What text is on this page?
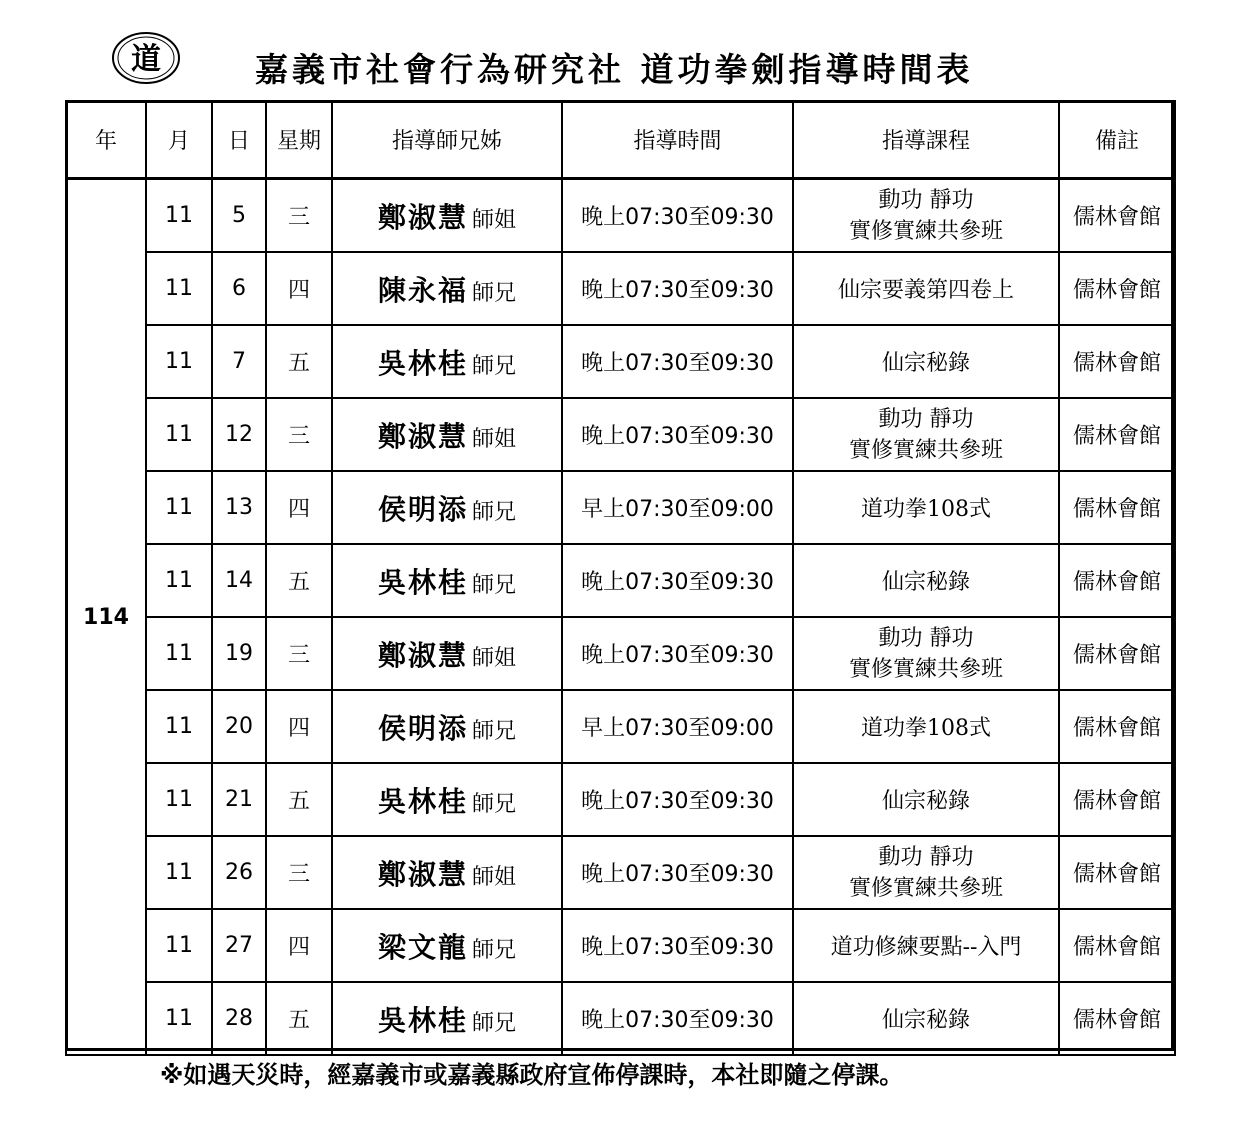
道	嘉義市社會行為研究社 道功拳劍指導時間表
年	月	日	星期	指導師兄姊	指導時間	指導課程	備註
114	11	5	三	鄭淑慧 師姐	晚上07:30至09:30	動功 靜功
實修實練共參班	儒林會館
	11	6	四	陳永福 師兄	晚上07:30至09:30	仙宗要義第四卷上	儒林會館
	11	7	五	吳林桂 師兄	晚上07:30至09:30	仙宗秘錄	儒林會館
	11	12	三	鄭淑慧 師姐	晚上07:30至09:30	動功 靜功
實修實練共參班	儒林會館
	11	13	四	侯明添 師兄	早上07:30至09:00	道功拳108式	儒林會館
	11	14	五	吳林桂 師兄	晚上07:30至09:30	仙宗秘錄	儒林會館
	11	19	三	鄭淑慧 師姐	晚上07:30至09:30	動功 靜功
實修實練共參班	儒林會館
	11	20	四	侯明添 師兄	早上07:30至09:00	道功拳108式	儒林會館
	11	21	五	吳林桂 師兄	晚上07:30至09:30	仙宗秘錄	儒林會館
	11	26	三	鄭淑慧 師姐	晚上07:30至09:30	動功 靜功
實修實練共參班	儒林會館
	11	27	四	梁文龍 師兄	晚上07:30至09:30	道功修練要點--入門	儒林會館
	11	28	五	吳林桂 師兄	晚上07:30至09:30	仙宗秘錄	儒林會館
※如遇天災時，經嘉義市或嘉義縣政府宣佈停課時，本社即隨之停課。
